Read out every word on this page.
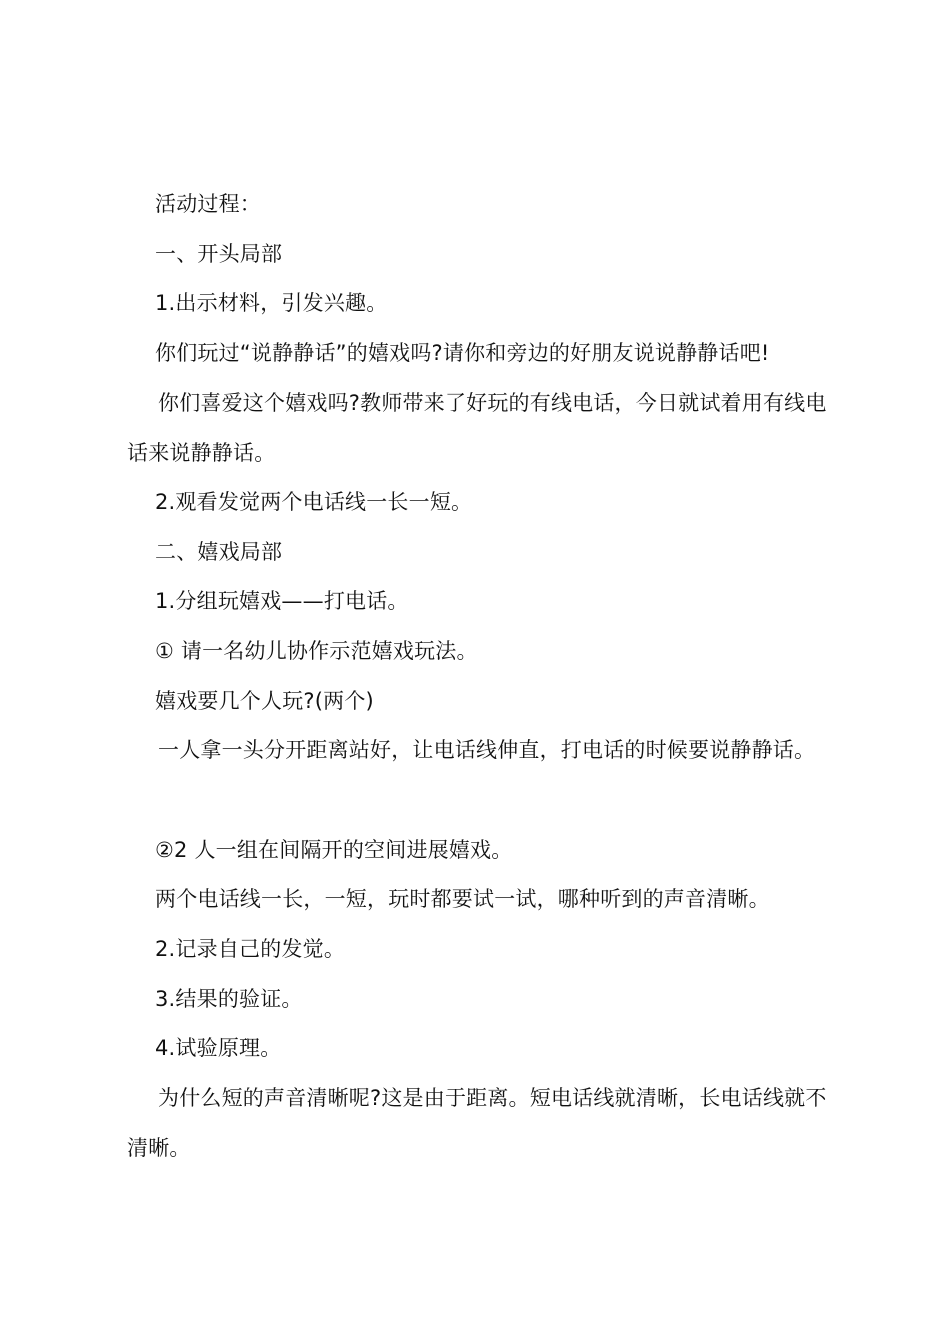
活动过程：

一、开头局部

1.出示材料，引发兴趣。

你们玩过“说静静话”的嬉戏吗?请你和旁边的好朋友说说静静话吧!

你们喜爱这个嬉戏吗?教师带来了好玩的有线电话，今日就试着用有线电话来说静静话。

2.观看发觉两个电话线一长一短。

二、嬉戏局部

1.分组玩嬉戏——打电话。

① 请一名幼儿协作示范嬉戏玩法。

嬉戏要几个人玩?(两个)

一人拿一头分开距离站好，让电话线伸直，打电话的时候要说静静话。

②2 人一组在间隔开的空间进展嬉戏。

两个电话线一长，一短，玩时都要试一试，哪种听到的声音清晰。

2.记录自己的发觉。

3.结果的验证。

4.试验原理。

为什么短的声音清晰呢?这是由于距离。短电话线就清晰，长电话线就不清晰。
